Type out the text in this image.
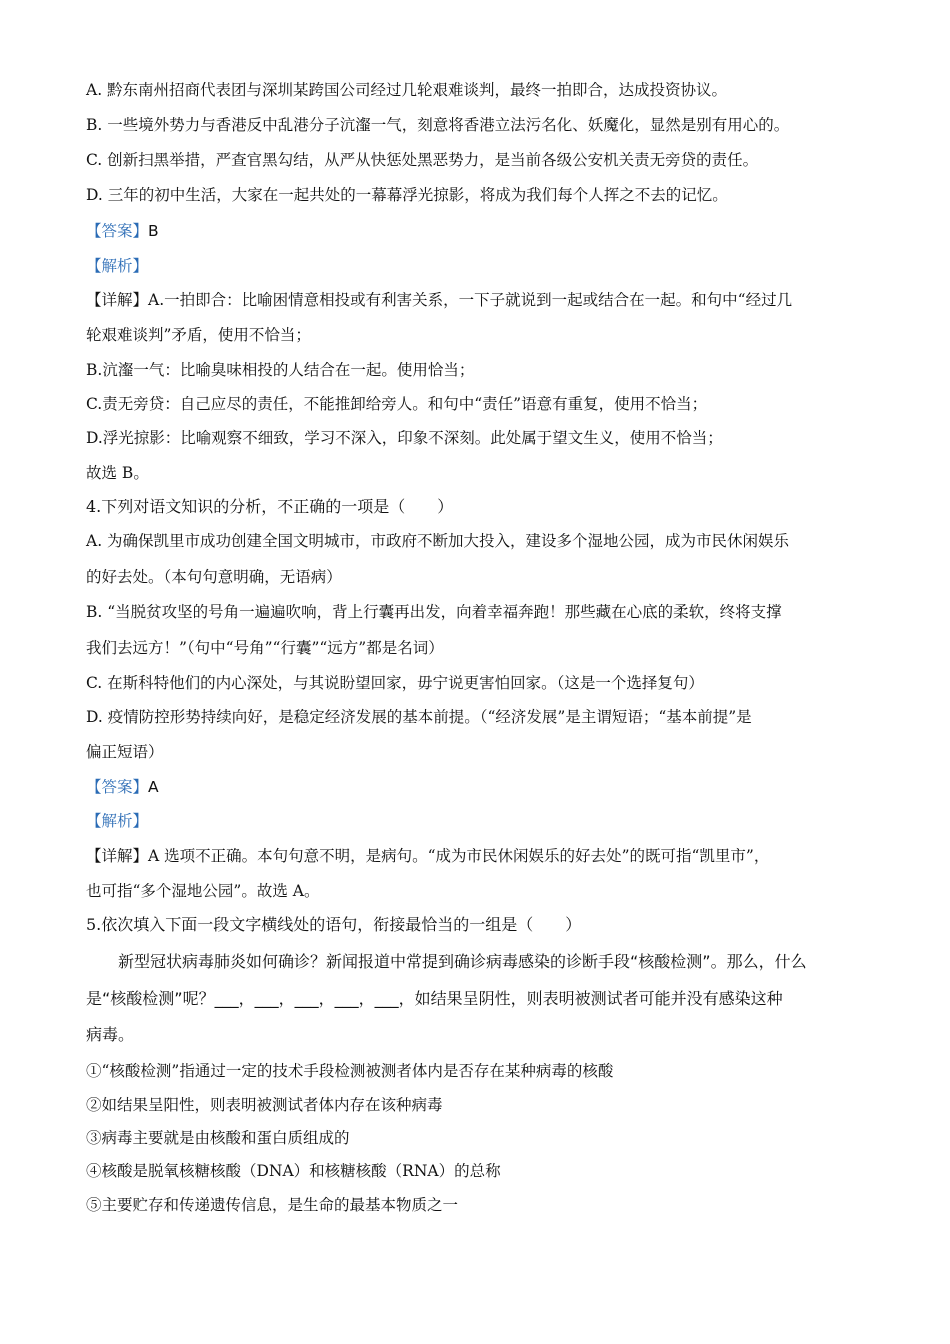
A. 黔东南州招商代表团与深圳某跨国公司经过几轮艰难谈判，最终一拍即合，达成投资协议。
B. 一些境外势力与香港反中乱港分子沆瀣一气，刻意将香港立法污名化、妖魔化，显然是别有用心的。
C. 创新扫黑举措，严查官黑勾结，从严从快惩处黑恶势力，是当前各级公安机关责无旁贷的责任。
D. 三年的初中生活，大家在一起共处的一幕幕浮光掠影，将成为我们每个人挥之不去的记忆。
【答案】B
【解析】
【详解】A.一拍即合：比喻困情意相投或有利害关系，一下子就说到一起或结合在一起。和句中“经过几
轮艰难谈判”矛盾，使用不恰当；
B.沆瀣一气：比喻臭味相投的人结合在一起。使用恰当；
C.责无旁贷：自己应尽的责任，不能推卸给旁人。和句中“责任”语意有重复，使用不恰当；
D.浮光掠影：比喻观察不细致，学习不深入，印象不深刻。此处属于望文生义，使用不恰当；
故选 B。
4.下列对语文知识的分析，不正确的一项是（　　）
A. 为确保凯里市成功创建全国文明城市，市政府不断加大投入，建设多个湿地公园，成为市民休闲娱乐
的好去处。（本句句意明确，无语病）
B. “当脱贫攻坚的号角一遍遍吹响，背上行囊再出发，向着幸福奔跑！那些藏在心底的柔软，终将支撑
我们去远方！”（句中“号角”“行囊”“远方”都是名词）
C. 在斯科特他们的内心深处，与其说盼望回家，毋宁说更害怕回家。（这是一个选择复句）
D. 疫情防控形势持续向好，是稳定经济发展的基本前提。（“经济发展”是主谓短语；“基本前提”是
偏正短语）
【答案】A
【解析】
【详解】A 选项不正确。本句句意不明，是病句。“成为市民休闲娱乐的好去处”的既可指“凯里市”，
也可指“多个湿地公园”。故选 A。
5.依次填入下面一段文字横线处的语句，衔接最恰当的一组是（　　）
新型冠状病毒肺炎如何确诊？新闻报道中常提到确诊病毒感染的诊断手段“核酸检测”。那么，什么
是“核酸检测”呢？___，___，___，___，___，如结果呈阴性，则表明被测试者可能并没有感染这种
病毒。
①“核酸检测”指通过一定的技术手段检测被测者体内是否存在某种病毒的核酸
②如结果呈阳性，则表明被测试者体内存在该种病毒
③病毒主要就是由核酸和蛋白质组成的
④核酸是脱氧核糖核酸（DNA）和核糖核酸（RNA）的总称
⑤主要贮存和传递遗传信息，是生命的最基本物质之一
